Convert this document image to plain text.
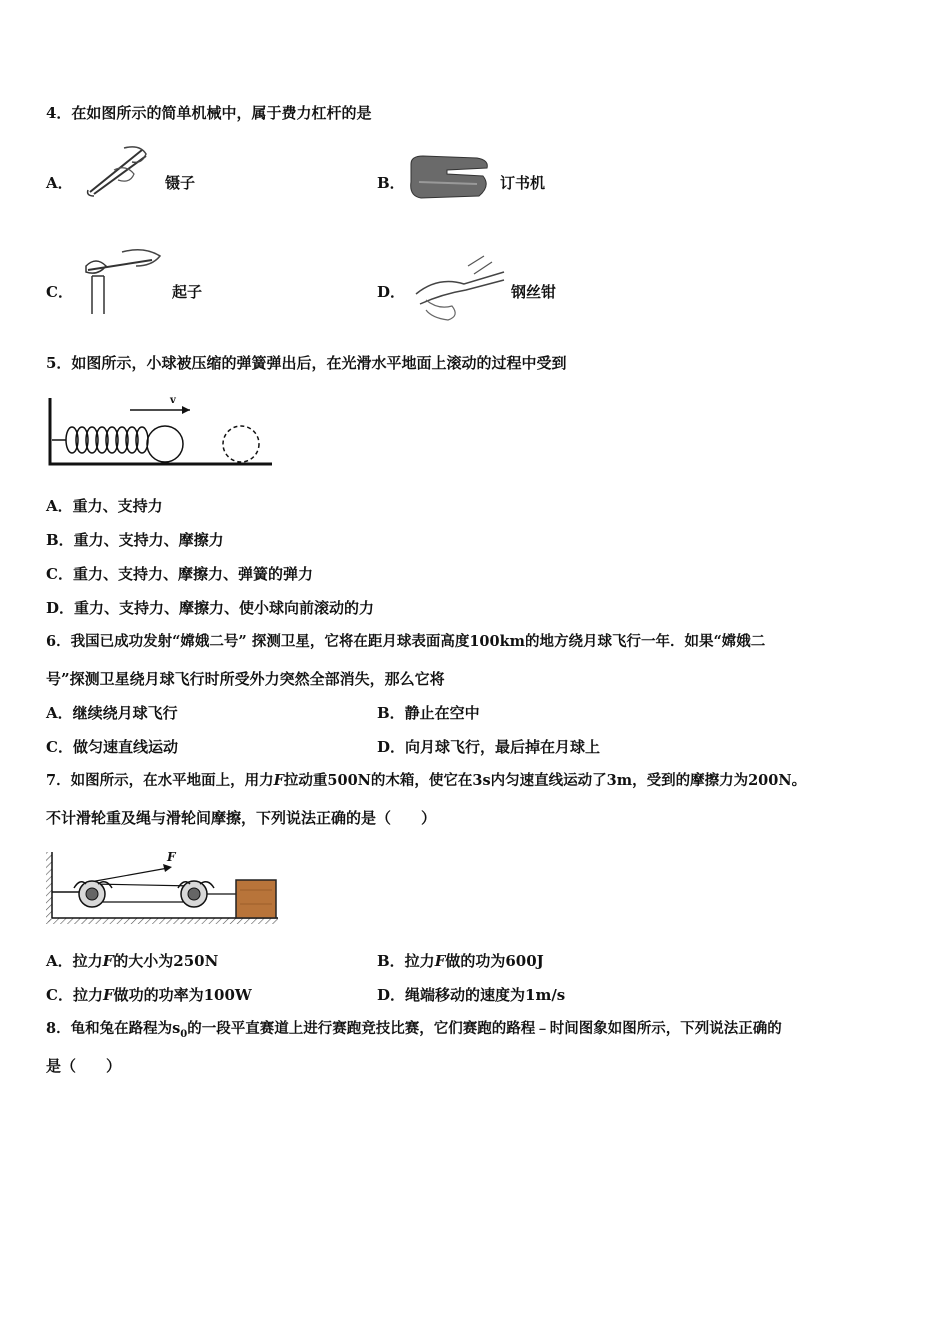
4．在如图所示的简单机械中，属于费力杠杆的是
A．	镊子	B．	订书机
C．	起子	D．	钢丝钳
5．如图所示，小球被压缩的弹簧弹出后，在光滑水平地面上滚动的过程中受到
v
A．重力、支持力
B．重力、支持力、摩擦力
C．重力、支持力、摩擦力、弹簧的弹力
D．重力、支持力、摩擦力、使小球向前滚动的力
6．我国已成功发射“嫦娥二号” 探测卫星，它将在距月球表面高度100km的地方绕月球飞行一年．如果“嫦娥二
号”探测卫星绕月球飞行时所受外力突然全部消失，那么它将
A．继续绕月球飞行	B．静止在空中
C．做匀速直线运动	D．向月球飞行，最后掉在月球上
7．如图所示，在水平地面上，用力F拉动重500N的木箱，使它在3s内匀速直线运动了3m，受到的摩擦力为200N。
不计滑轮重及绳与滑轮间摩擦，下列说法正确的是（　　）
F
A．拉力F的大小为250N	B．拉力F做的功为600J
C．拉力F做功的功率为100W	D．绳端移动的速度为1m/s
8．龟和兔在路程为$s_0$的一段平直赛道上进行赛跑竞技比赛，它们赛跑的路程﹣时间图象如图所示，下列说法正确的
是（　　）
